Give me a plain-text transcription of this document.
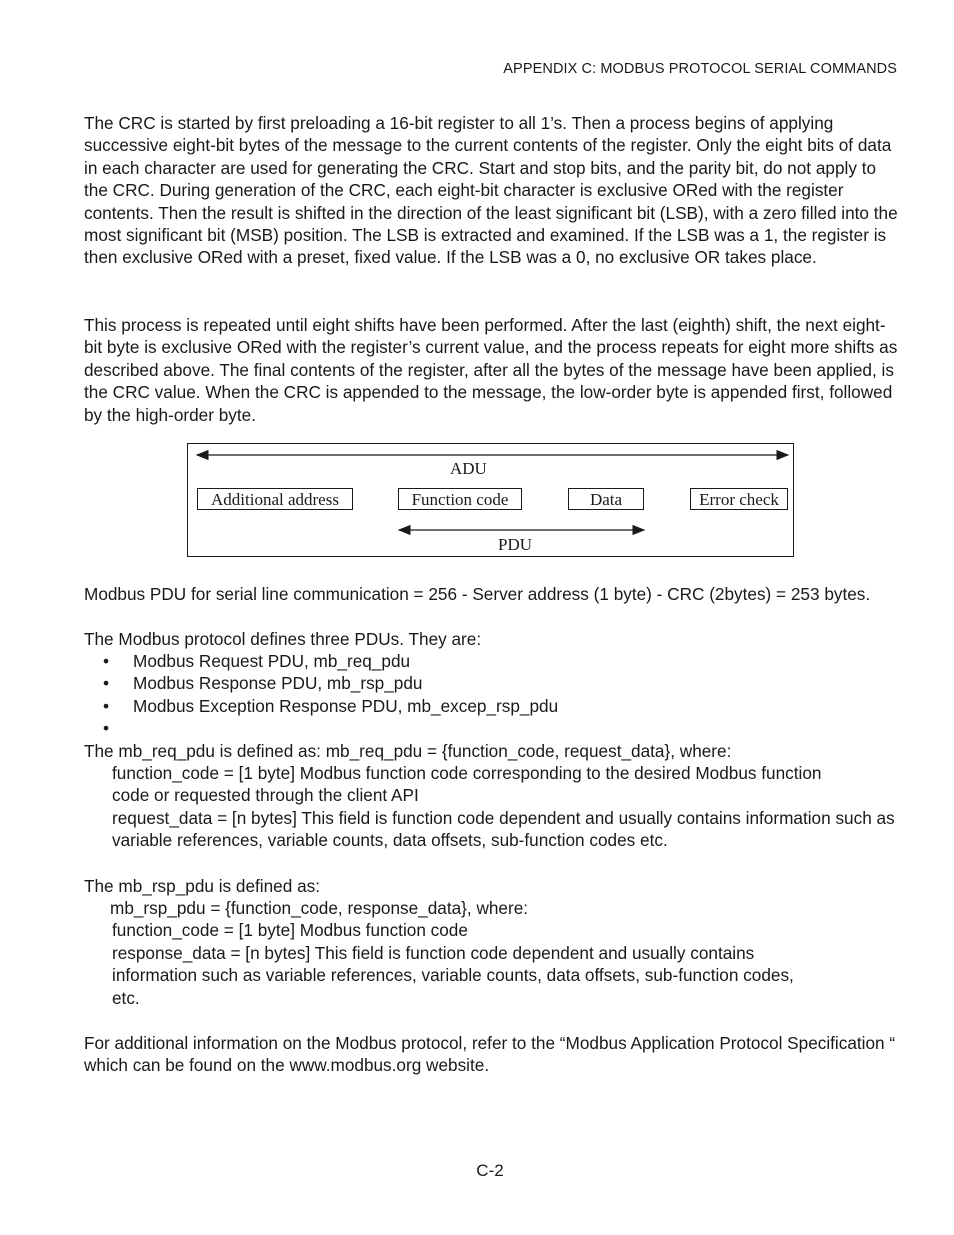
APPENDIX C: MODBUS PROTOCOL SERIAL COMMANDS

The CRC is started by first preloading a 16-bit register to all 1’s. Then a process begins of applying successive eight-bit bytes of the message to the current contents of the register. Only the eight bits of data in each character are used for generating the CRC. Start and stop bits, and the parity bit, do not apply to the CRC. During generation of the CRC, each eight-bit character is exclusive ORed with the register contents. Then the result is shifted in the direction of the least significant bit (LSB), with a zero filled into the most significant bit (MSB) position. The LSB is extracted and examined. If the LSB was a 1, the register is then exclusive ORed with a preset, fixed value. If the LSB was a 0, no exclusive OR takes place.

This process is repeated until eight shifts have been performed. After the last (eighth) shift, the next eight-bit byte is exclusive ORed with the register’s current value, and the process repeats for eight more shifts as described above. The final contents of the register, after all the bytes of the message have been applied, is the CRC value. When the CRC is appended to the message, the low-order byte is appended first, followed by the high-order byte.

ADU
Additional address	Function code	Data	Error check
PDU

Modbus PDU for serial line communication = 256 - Server address (1 byte) - CRC (2bytes) = 253 bytes.

The Modbus protocol defines three PDUs. They are:

• Modbus Request PDU, mb_req_pdu
• Modbus Response PDU, mb_rsp_pdu
• Modbus Exception Response PDU, mb_excep_rsp_pdu
•

The mb_req_pdu is defined as: mb_req_pdu = {function_code, request_data}, where:

function_code = [1 byte] Modbus function code corresponding to the desired Modbus function code or requested through the client API

request_data = [n bytes] This field is function code dependent and usually contains information such as variable references, variable counts, data offsets, sub-function codes etc.

The mb_rsp_pdu is defined as:

mb_rsp_pdu = {function_code, response_data}, where:

function_code = [1 byte] Modbus function code

response_data = [n bytes] This field is function code dependent and usually contains information such as variable references, variable counts, data offsets, sub-function codes, etc.

For additional information on the Modbus protocol, refer to the “Modbus Application Protocol Specification “ which can be found on the www.modbus.org website.

C-2
